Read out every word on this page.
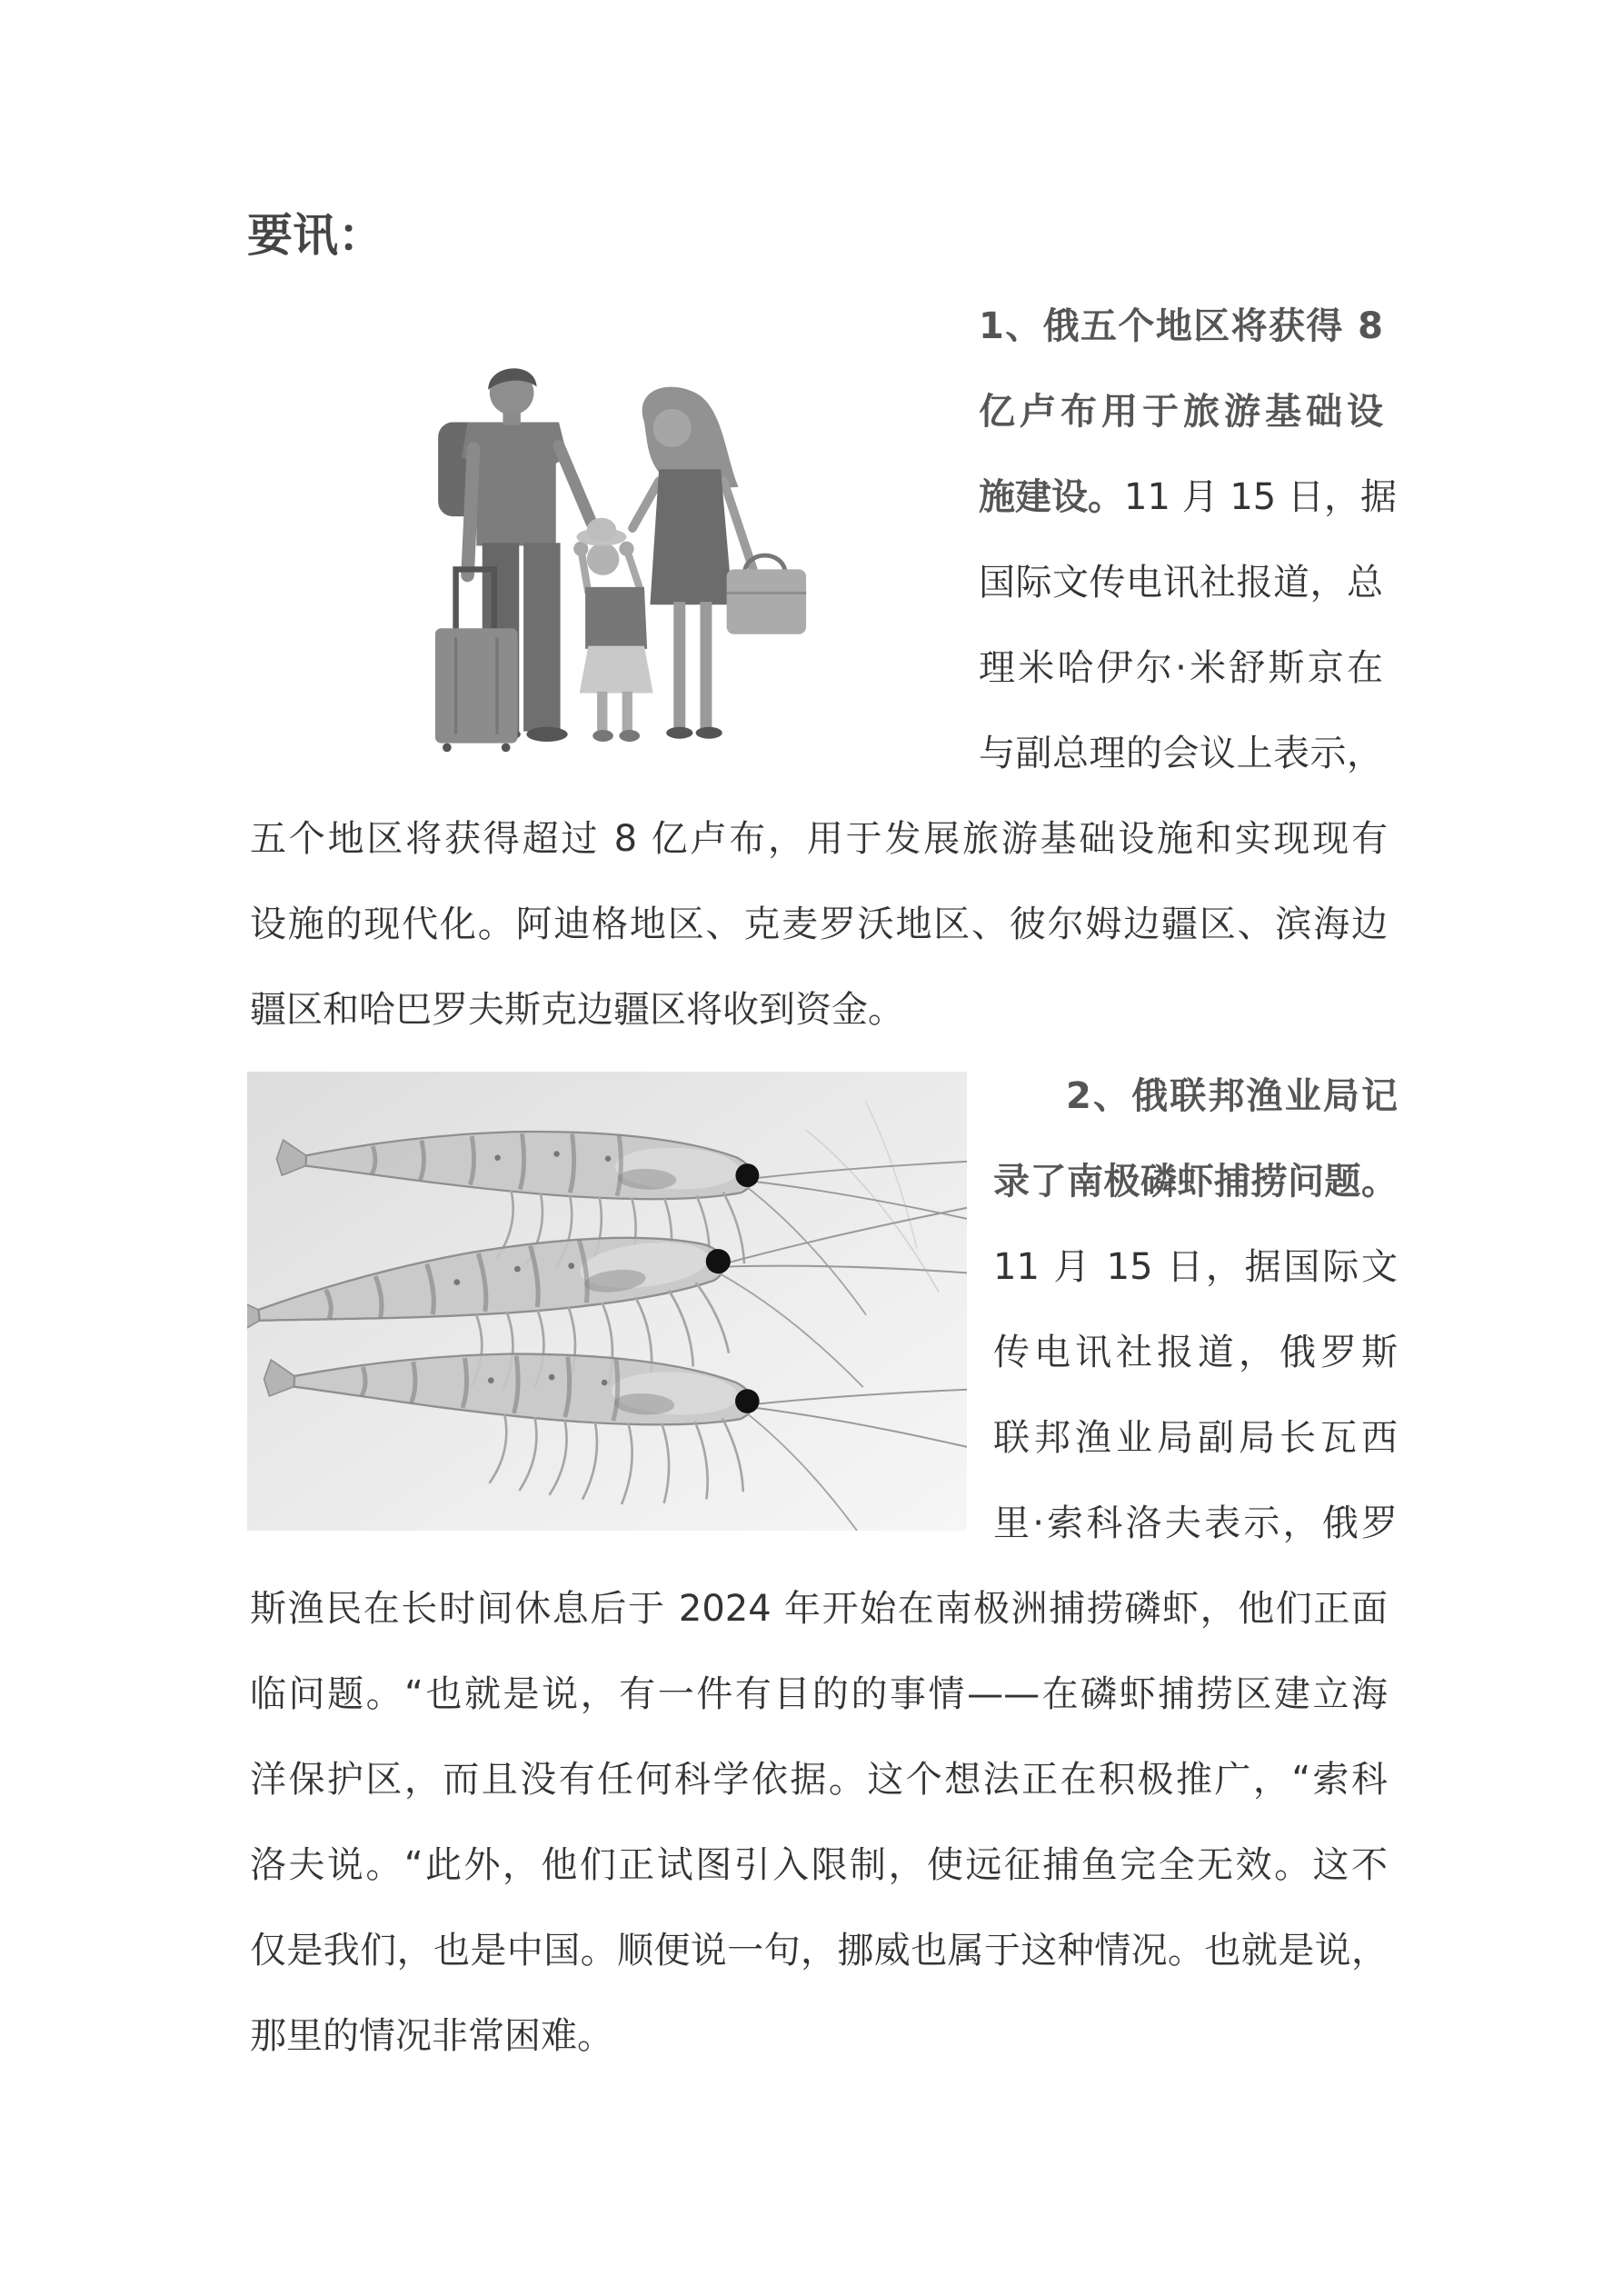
要讯：
1、俄五个地区将获得 8
亿卢布用于旅游基础设
施建设。11 月 15 日，据
国际文传电讯社报道，总
理米哈伊尔·米舒斯京在
与副总理的会议上表示，
五个地区将获得超过 8 亿卢布，用于发展旅游基础设施和实现现有
设施的现代化。阿迪格地区、克麦罗沃地区、彼尔姆边疆区、滨海边
疆区和哈巴罗夫斯克边疆区将收到资金。
2、俄联邦渔业局记
录了南极磷虾捕捞问题。
11 月 15 日，据国际文
传电讯社报道，俄罗斯
联邦渔业局副局长瓦西
里·索科洛夫表示，俄罗
斯渔民在长时间休息后于 2024 年开始在南极洲捕捞磷虾，他们正面
临问题。“也就是说，有一件有目的的事情——在磷虾捕捞区建立海
洋保护区，而且没有任何科学依据。这个想法正在积极推广，“索科
洛夫说。“此外，他们正试图引入限制，使远征捕鱼完全无效。这不
仅是我们，也是中国。顺便说一句，挪威也属于这种情况。也就是说，
那里的情况非常困难。
